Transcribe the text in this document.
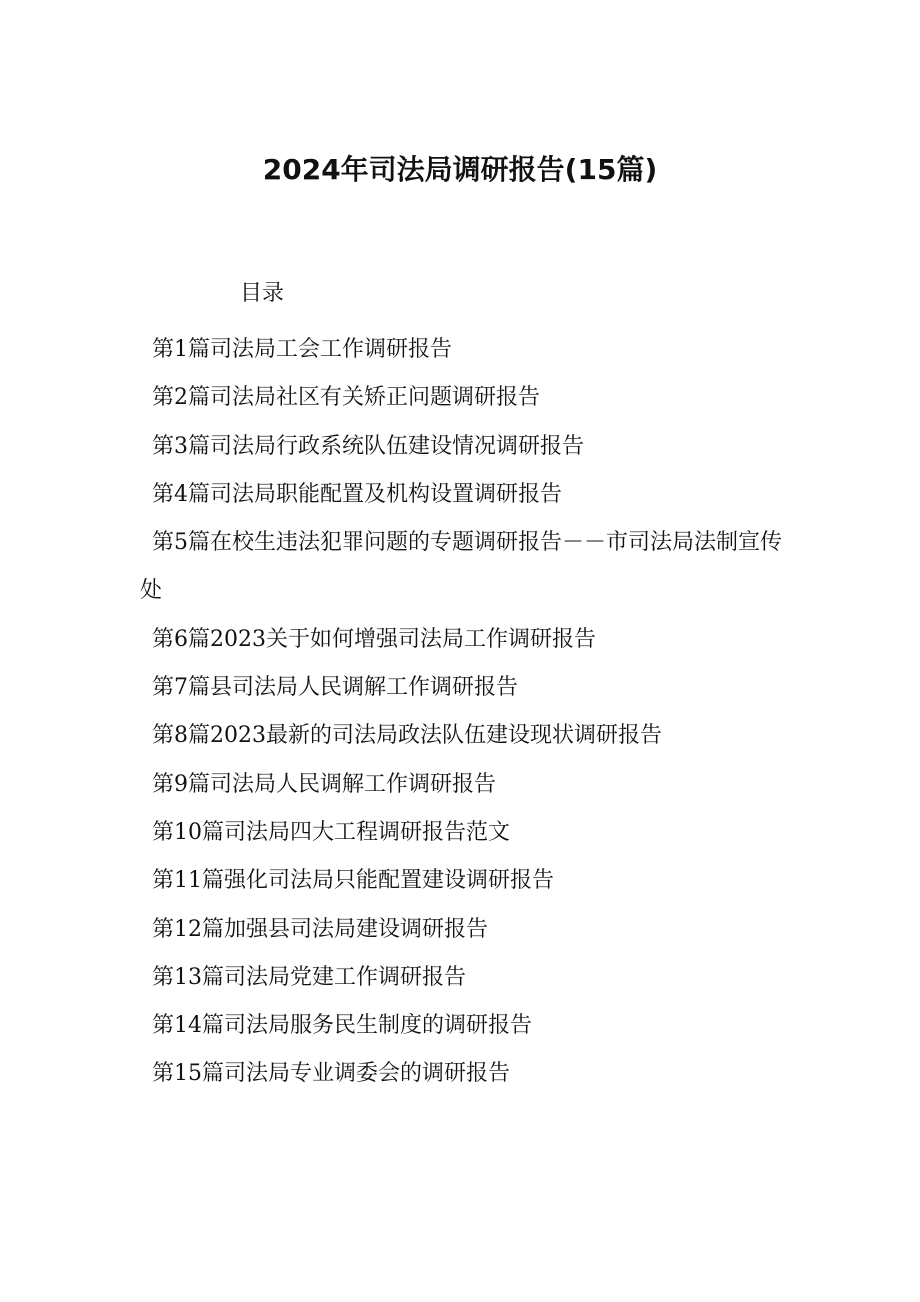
2024年司法局调研报告(15篇)

目录

第1篇司法局工会工作调研报告
第2篇司法局社区有关矫正问题调研报告
第3篇司法局行政系统队伍建设情况调研报告
第4篇司法局职能配置及机构设置调研报告
第5篇在校生违法犯罪问题的专题调研报告－－市司法局法制宣传处
第6篇2023关于如何增强司法局工作调研报告
第7篇县司法局人民调解工作调研报告
第8篇2023最新的司法局政法队伍建设现状调研报告
第9篇司法局人民调解工作调研报告
第10篇司法局四大工程调研报告范文
第11篇强化司法局只能配置建设调研报告
第12篇加强县司法局建设调研报告
第13篇司法局党建工作调研报告
第14篇司法局服务民生制度的调研报告
第15篇司法局专业调委会的调研报告
